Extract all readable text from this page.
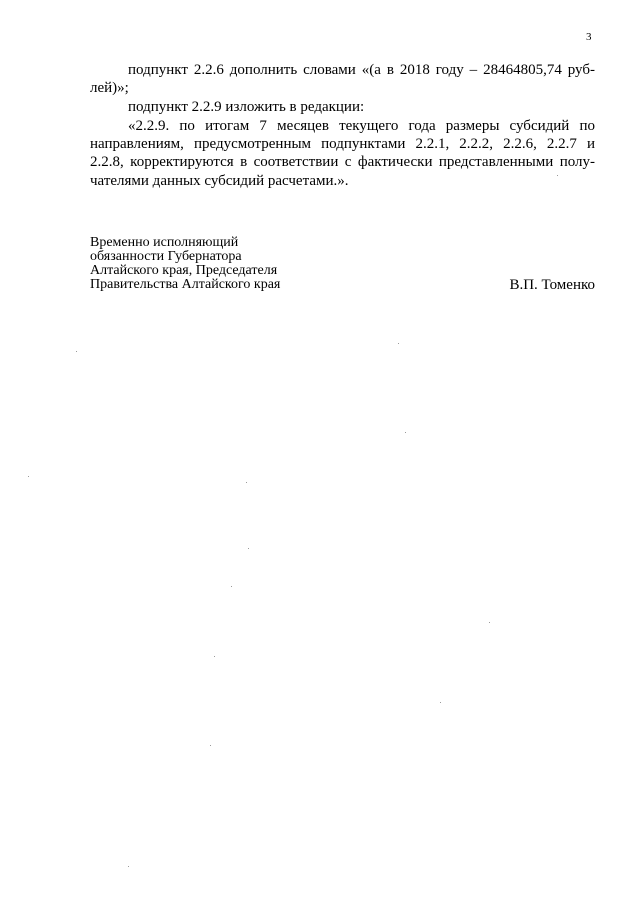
3
подпункт 2.2.6 дополнить словами «(а в 2018 году – 28464805,74 руб-
лей)»;
подпункт 2.2.9 изложить в редакции:
«2.2.9. по итогам 7 месяцев текущего года размеры субсидий по
направлениям, предусмотренным подпунктами 2.2.1, 2.2.2, 2.2.6, 2.2.7 и
2.2.8, корректируются в соответствии с фактически представленными полу-
чателями данных субсидий расчетами.».
Временно исполняющий
обязанности Губернатора
Алтайского края, Председателя
Правительства Алтайского края	В.П. Томенко
